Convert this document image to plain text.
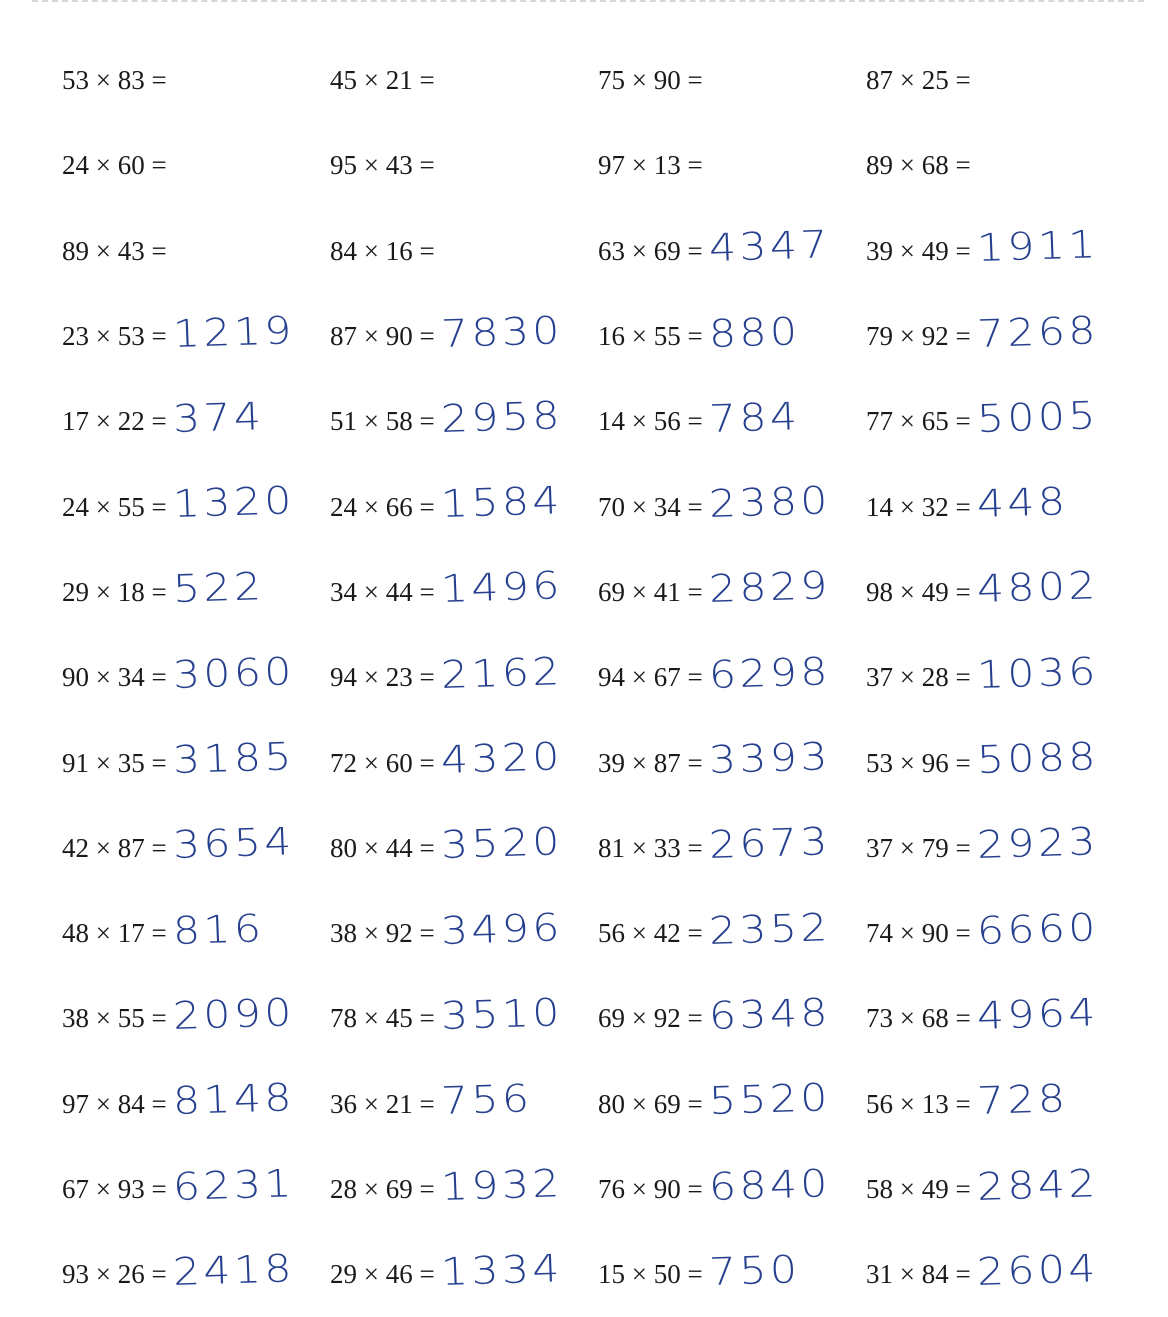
53 × 83 =	45 × 21 =	75 × 90 =	87 × 25 =
24 × 60 =	95 × 43 =	97 × 13 =	89 × 68 =
89 × 43 =	84 × 16 =	63 × 69 = 4347 39 × 49 = 1911
23 × 53 = 1219 87 × 90 = 7830 16 × 55 = 880 79 × 92 = 7268
17 × 22 = 374 51 × 58 = 2958 14 × 56 = 784 77 × 65 = 5005
24 × 55 = 1320 24 × 66 = 1584 70 × 34 = 2380 14 × 32 = 448
29 × 18 = 522 34 × 44 = 1496 69 × 41 = 2829 98 × 49 = 4802
90 × 34 = 3060 94 × 23 = 2162 94 × 67 = 6298 37 × 28 = 1036
91 × 35 = 3185 72 × 60 = 4320 39 × 87 = 3393 53 × 96 = 5088
42 × 87 = 3654 80 × 44 = 3520 81 × 33 = 2673 37 × 79 = 2923
48 × 17 = 816 38 × 92 = 3496 56 × 42 = 2352 74 × 90 = 6660
38 × 55 = 2090 78 × 45 = 3510 69 × 92 = 6348 73 × 68 = 4964
97 × 84 = 8148 36 × 21 = 756 80 × 69 = 5520 56 × 13 = 728
67 × 93 = 6231 28 × 69 = 1932 76 × 90 = 6840 58 × 49 = 2842
93 × 26 = 2418 29 × 46 = 1334 15 × 50 = 750 31 × 84 = 2604
